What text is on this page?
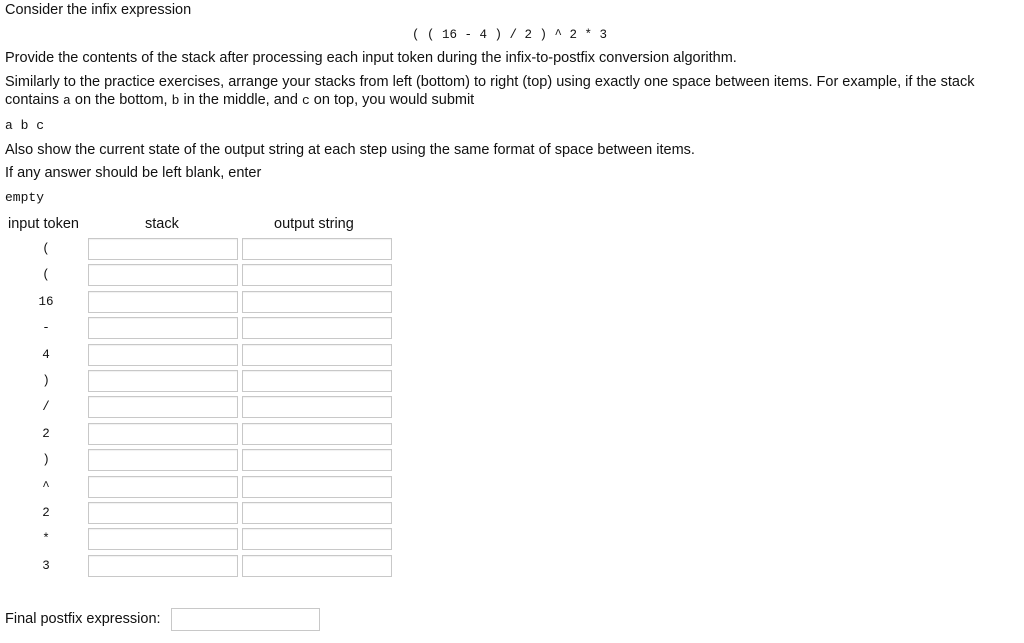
Consider the infix expression

( ( 16 - 4 ) / 2 ) ^ 2 * 3

Provide the contents of the stack after processing each input token during the infix-to-postfix conversion algorithm.

Similarly to the practice exercises, arrange your stacks from left (bottom) to right (top) using exactly one space between items. For example, if the stack

contains a on the bottom, b in the middle, and c on top, you would submit

a b c

Also show the current state of the output string at each step using the same format of space between items.

If any answer should be left blank, enter

empty

input token	stack	output string
(
(
16
-
4
)
/
2
)
^
2
*
3
Final postfix expression:
